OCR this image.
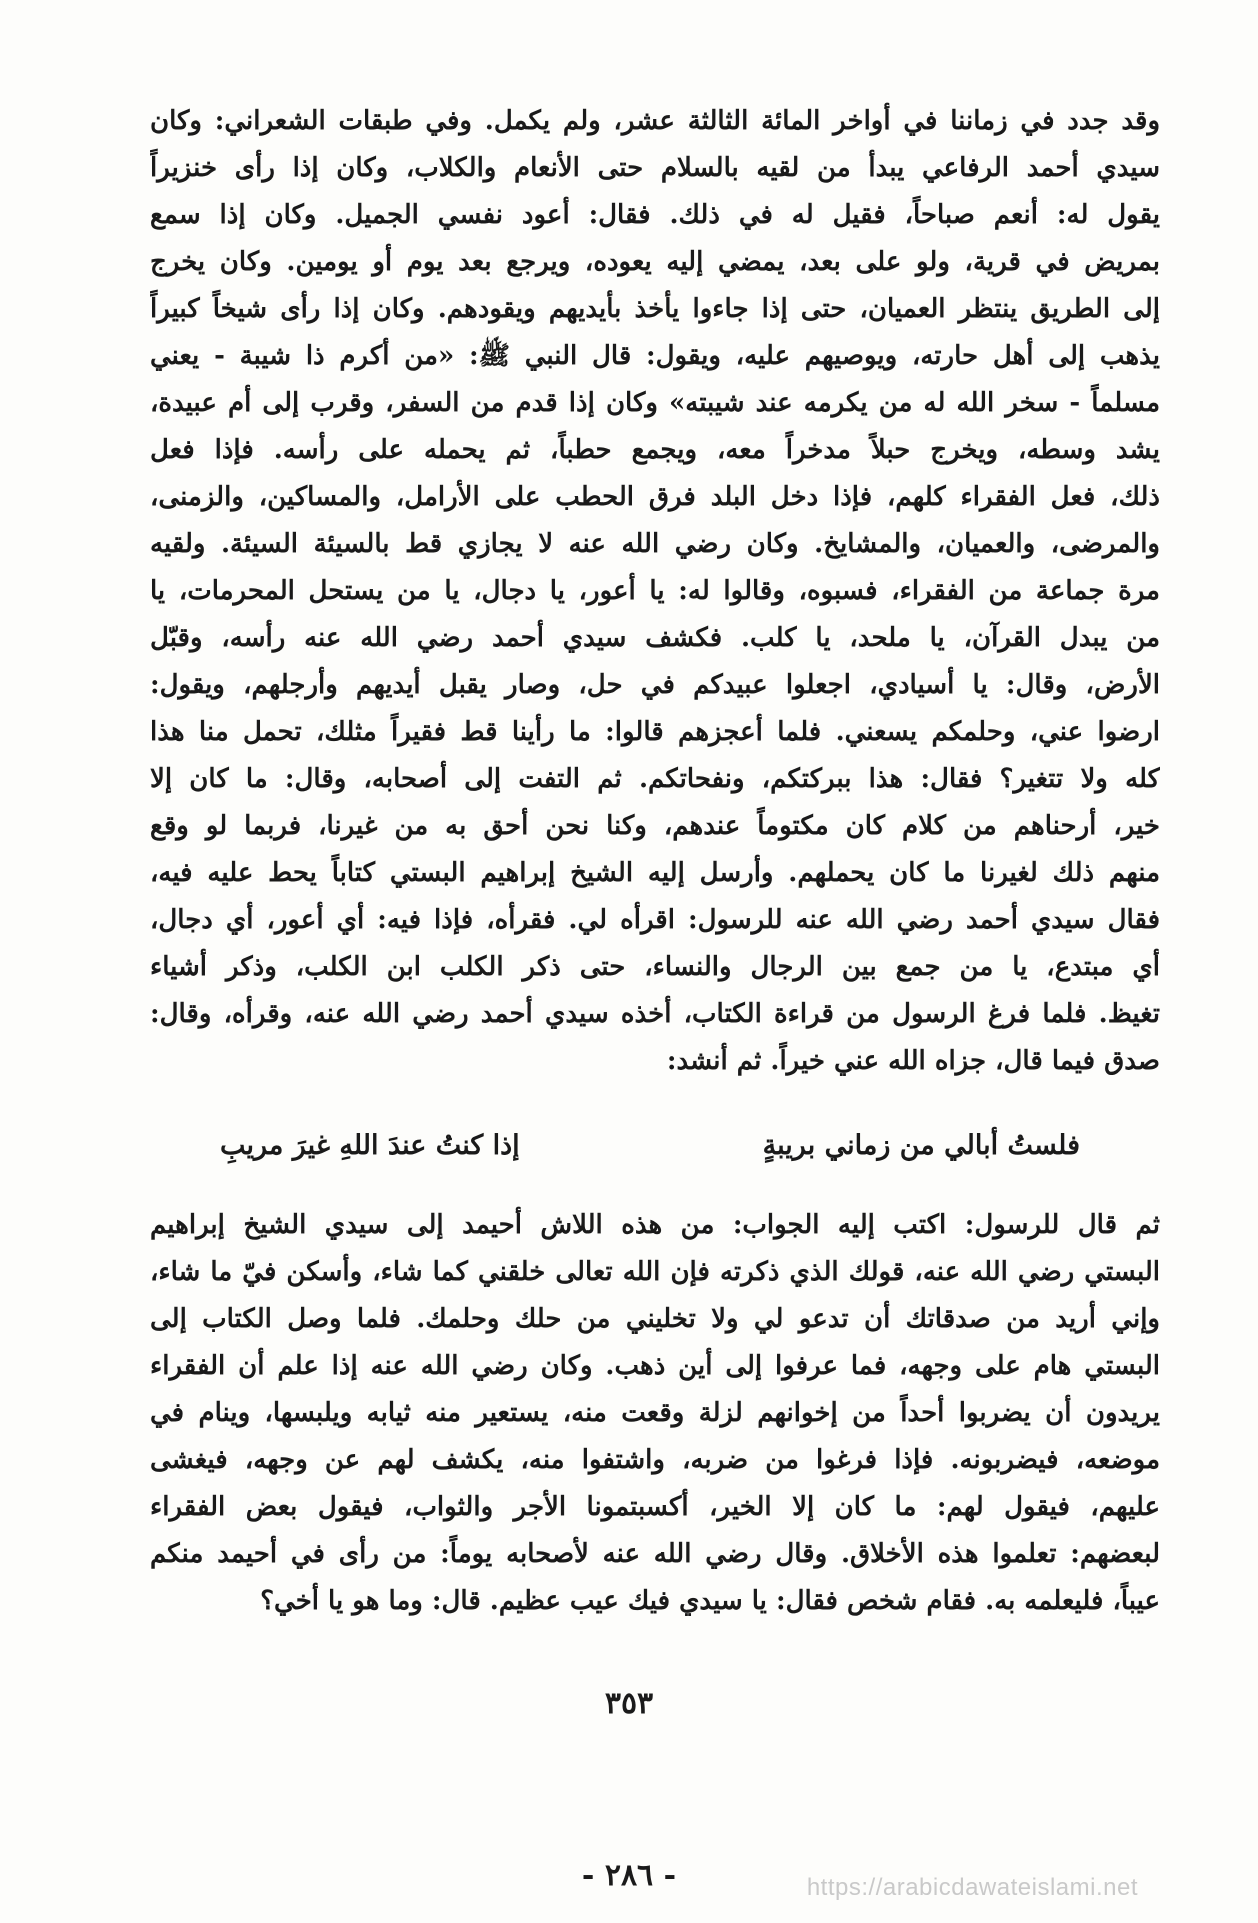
وقد جدد في زماننا في أواخر المائة الثالثة عشر، ولم يكمل. وفي طبقات الشعراني: وكان
سيدي أحمد الرفاعي يبدأ من لقيه بالسلام حتى الأنعام والكلاب، وكان إذا رأى خنزيراً
يقول له: أنعم صباحاً، فقيل له في ذلك. فقال: أعود نفسي الجميل. وكان إذا سمع
بمريض في قرية، ولو على بعد، يمضي إليه يعوده، ويرجع بعد يوم أو يومين. وكان يخرج
إلى الطريق ينتظر العميان، حتى إذا جاءوا يأخذ بأيديهم ويقودهم. وكان إذا رأى شيخاً كبيراً
يذهب إلى أهل حارته، ويوصيهم عليه، ويقول: قال النبي ﷺ: «من أكرم ذا شيبة - يعني
مسلماً - سخر الله له من يكرمه عند شيبته» وكان إذا قدم من السفر، وقرب إلى أم عبيدة،
يشد وسطه، ويخرج حبلاً مدخراً معه، ويجمع حطباً، ثم يحمله على رأسه. فإذا فعل
ذلك، فعل الفقراء كلهم، فإذا دخل البلد فرق الحطب على الأرامل، والمساكين، والزمنى،
والمرضى، والعميان، والمشايخ. وكان رضي الله عنه لا يجازي قط بالسيئة السيئة. ولقيه
مرة جماعة من الفقراء، فسبوه، وقالوا له: يا أعور، يا دجال، يا من يستحل المحرمات، يا
من يبدل القرآن، يا ملحد، يا كلب. فكشف سيدي أحمد رضي الله عنه رأسه، وقبّل
الأرض، وقال: يا أسيادي، اجعلوا عبيدكم في حل، وصار يقبل أيديهم وأرجلهم، ويقول:
ارضوا عني، وحلمكم يسعني. فلما أعجزهم قالوا: ما رأينا قط فقيراً مثلك، تحمل منا هذا
كله ولا تتغير؟ فقال: هذا ببركتكم، ونفحاتكم. ثم التفت إلى أصحابه، وقال: ما كان إلا
خير، أرحناهم من كلام كان مكتوماً عندهم، وكنا نحن أحق به من غيرنا، فربما لو وقع
منهم ذلك لغيرنا ما كان يحملهم. وأرسل إليه الشيخ إبراهيم البستي كتاباً يحط عليه فيه،
فقال سيدي أحمد رضي الله عنه للرسول: اقرأه لي. فقرأه، فإذا فيه: أي أعور، أي دجال،
أي مبتدع، يا من جمع بين الرجال والنساء، حتى ذكر الكلب ابن الكلب، وذكر أشياء
تغيظ. فلما فرغ الرسول من قراءة الكتاب، أخذه سيدي أحمد رضي الله عنه، وقرأه، وقال:
صدق فيما قال، جزاه الله عني خيراً. ثم أنشد:
فلستُ أبالي من زماني بريبةٍ
إذا كنتُ عندَ اللهِ غيرَ مريبِ
ثم قال للرسول: اكتب إليه الجواب: من هذه اللاش أحيمد إلى سيدي الشيخ إبراهيم
البستي رضي الله عنه، قولك الذي ذكرته فإن الله تعالى خلقني كما شاء، وأسكن فيّ ما شاء،
وإني أريد من صدقاتك أن تدعو لي ولا تخليني من حلك وحلمك. فلما وصل الكتاب إلى
البستي هام على وجهه، فما عرفوا إلى أين ذهب. وكان رضي الله عنه إذا علم أن الفقراء
يريدون أن يضربوا أحداً من إخوانهم لزلة وقعت منه، يستعير منه ثيابه ويلبسها، وينام في
موضعه، فيضربونه. فإذا فرغوا من ضربه، واشتفوا منه، يكشف لهم عن وجهه، فيغشى
عليهم، فيقول لهم: ما كان إلا الخير، أكسبتمونا الأجر والثواب، فيقول بعض الفقراء
لبعضهم: تعلموا هذه الأخلاق. وقال رضي الله عنه لأصحابه يوماً: من رأى في أحيمد منكم
عيباً، فليعلمه به. فقام شخص فقال: يا سيدي فيك عيب عظيم. قال: وما هو يا أخي؟
٣٥٣
- ٢٨٦ -	https://arabicdawateislami.net
